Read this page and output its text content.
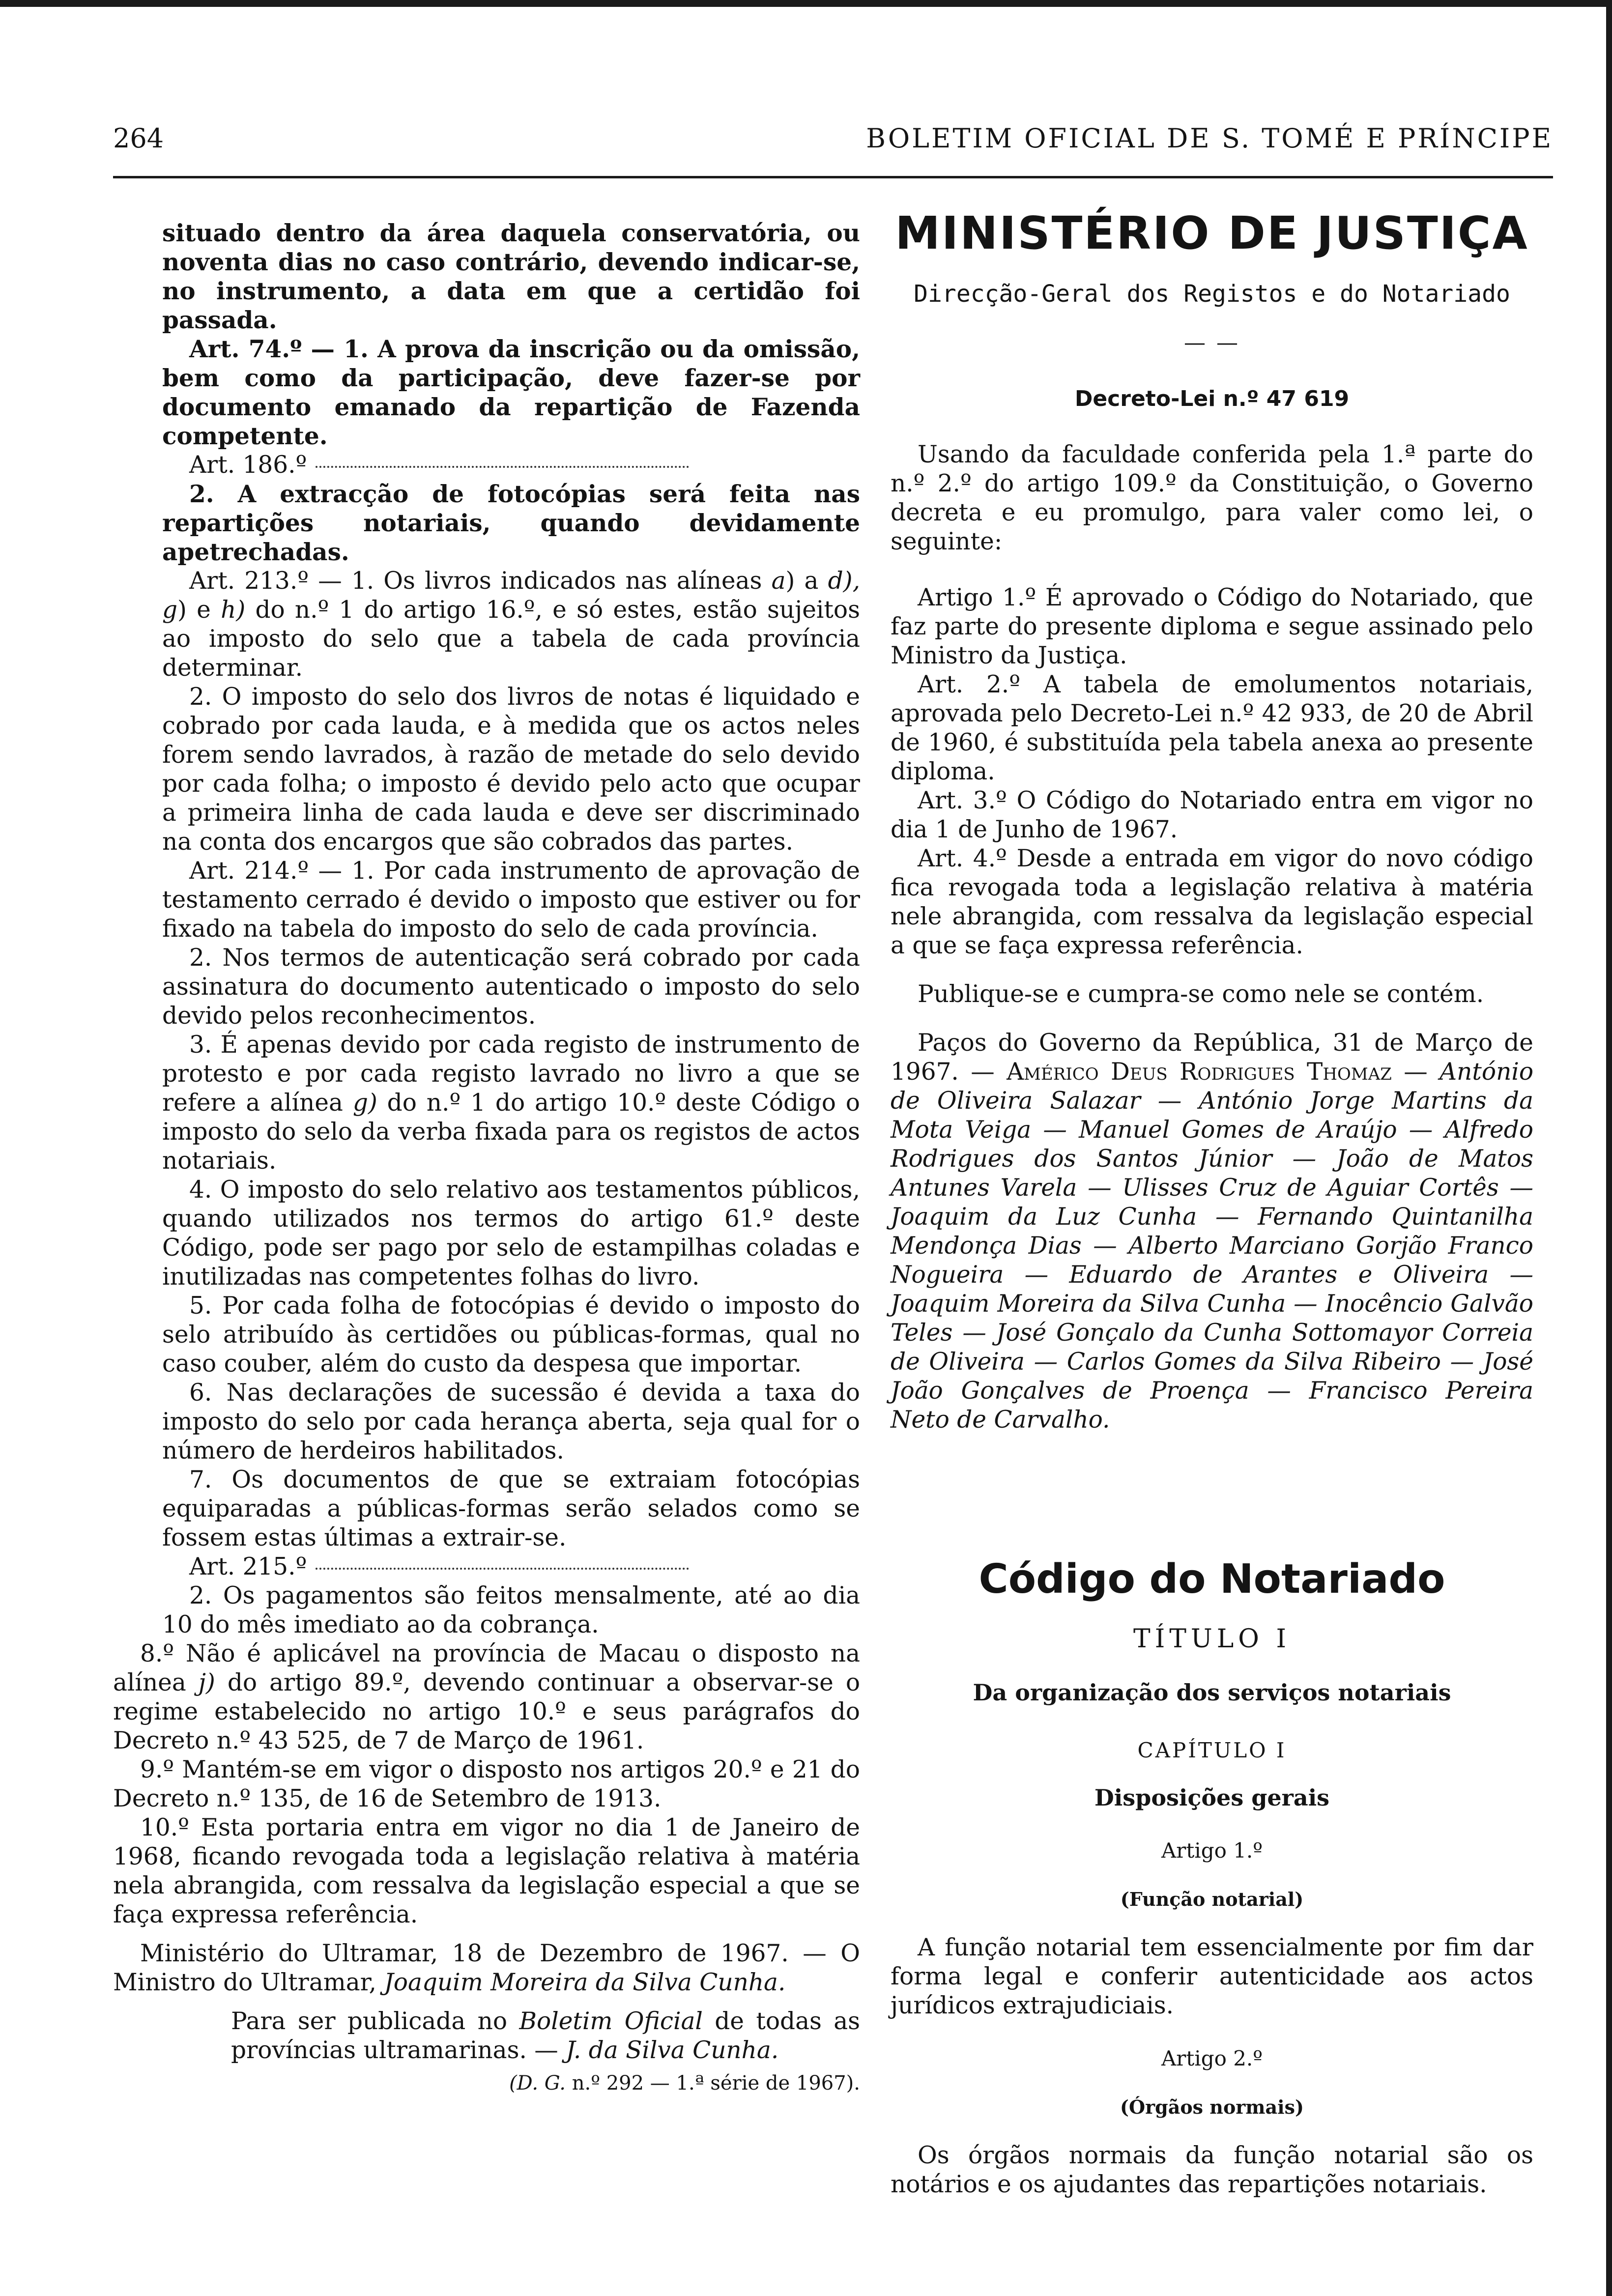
264	BOLETIM OFICIAL DE S. TOMÉ E PRÍNCIPE

situado dentro da área daquela conservatória, ou noventa dias no caso contrário, devendo indicar-se, no instrumento, a data em que a certidão foi passada.

Art. 74.º — 1. A prova da inscrição ou da omissão, bem como da participação, deve fazer-se por documento emanado da repartição de Fazenda competente.

Art. 186.º

2. A extracção de fotocópias será feita nas repartições notariais, quando devidamente apetrechadas.

Art. 213.º — 1. Os livros indicados nas alíneas a) a d), g) e h) do n.º 1 do artigo 16.º, e só estes, estão sujeitos ao imposto do selo que a tabela de cada província determinar.

2. O imposto do selo dos livros de notas é liquidado e cobrado por cada lauda, e à medida que os actos neles forem sendo lavrados, à razão de metade do selo devido por cada folha; o imposto é devido pelo acto que ocupar a primeira linha de cada lauda e deve ser discriminado na conta dos encargos que são cobrados das partes.

Art. 214.º — 1. Por cada instrumento de aprovação de testamento cerrado é devido o imposto que estiver ou for fixado na tabela do imposto do selo de cada província.

2. Nos termos de autenticação será cobrado por cada assinatura do documento autenticado o imposto do selo devido pelos reconhecimentos.

3. É apenas devido por cada registo de instrumento de protesto e por cada registo lavrado no livro a que se refere a alínea g) do n.º 1 do artigo 10.º deste Código o imposto do selo da verba fixada para os registos de actos notariais.

4. O imposto do selo relativo aos testamentos públicos, quando utilizados nos termos do artigo 61.º deste Código, pode ser pago por selo de estampilhas coladas e inutilizadas nas competentes folhas do livro.

5. Por cada folha de fotocópias é devido o imposto do selo atribuído às certidões ou públicas-formas, qual no caso couber, além do custo da despesa que importar.

6. Nas declarações de sucessão é devida a taxa do imposto do selo por cada herança aberta, seja qual for o número de herdeiros habilitados.

7. Os documentos de que se extraiam fotocópias equiparadas a públicas-formas serão selados como se fossem estas últimas a extrair-se.

Art. 215.º

2. Os pagamentos são feitos mensalmente, até ao dia 10 do mês imediato ao da cobrança.

8.º Não é aplicável na província de Macau o disposto na alínea j) do artigo 89.º, devendo continuar a observar-se o regime estabelecido no artigo 10.º e seus parágrafos do Decreto n.º 43 525, de 7 de Março de 1961.

9.º Mantém-se em vigor o disposto nos artigos 20.º e 21 do Decreto n.º 135, de 16 de Setembro de 1913.

10.º Esta portaria entra em vigor no dia 1 de Janeiro de 1968, ficando revogada toda a legislação relativa à matéria nela abrangida, com ressalva da legislação especial a que se faça expressa referência.

Ministério do Ultramar, 18 de Dezembro de 1967. — O Ministro do Ultramar, Joaquim Moreira da Silva Cunha.

Para ser publicada no Boletim Oficial de todas as províncias ultramarinas. — J. da Silva Cunha.

(D. G. n.º 292 — 1.ª série de 1967).

MINISTÉRIO DE JUSTIÇA
Direcção-Geral dos Registos e do Notariado
— —
Decreto-Lei n.º 47 619

Usando da faculdade conferida pela 1.ª parte do n.º 2.º do artigo 109.º da Constituição, o Governo decreta e eu promulgo, para valer como lei, o seguinte:

Artigo 1.º É aprovado o Código do Notariado, que faz parte do presente diploma e segue assinado pelo Ministro da Justiça.

Art. 2.º A tabela de emolumentos notariais, aprovada pelo Decreto-Lei n.º 42 933, de 20 de Abril de 1960, é substituída pela tabela anexa ao presente diploma.

Art. 3.º O Código do Notariado entra em vigor no dia 1 de Junho de 1967.

Art. 4.º Desde a entrada em vigor do novo código fica revogada toda a legislação relativa à matéria nele abrangida, com ressalva da legislação especial a que se faça expressa referência.

Publique-se e cumpra-se como nele se contém.

Paços do Governo da República, 31 de Março de 1967. — Américo Deus Rodrigues Thomaz — António de Oliveira Salazar — António Jorge Martins da Mota Veiga — Manuel Gomes de Araújo — Alfredo Rodrigues dos Santos Júnior — João de Matos Antunes Varela — Ulisses Cruz de Aguiar Cortês — Joaquim da Luz Cunha — Fernando Quintanilha Mendonça Dias — Alberto Marciano Gorjão Franco Nogueira — Eduardo de Arantes e Oliveira — Joaquim Moreira da Silva Cunha — Inocêncio Galvão Teles — José Gonçalo da Cunha Sottomayor Correia de Oliveira — Carlos Gomes da Silva Ribeiro — José João Gonçalves de Proença — Francisco Pereira Neto de Carvalho.

Código do Notariado
TÍTULO I
Da organização dos serviços notariais
CAPÍTULO I
Disposições gerais
Artigo 1.º
(Função notarial)

A função notarial tem essencialmente por fim dar forma legal e conferir autenticidade aos actos jurídicos extrajudiciais.

Artigo 2.º
(Órgãos normais)

Os órgãos normais da função notarial são os notários e os ajudantes das repartições notariais.
